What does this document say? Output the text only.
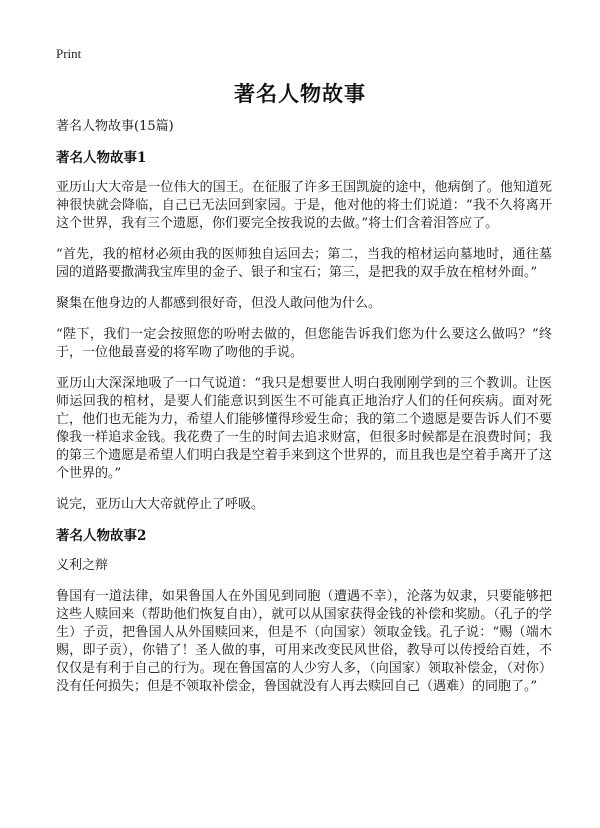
Print
著名人物故事

著名人物故事(15篇)

著名人物故事1

亚历山大大帝是一位伟大的国王。在征服了许多王国凯旋的途中，他病倒了。他知道死神很快就会降临，自己已无法回到家园。于是，他对他的将士们说道：“我不久将离开这个世界，我有三个遗愿，你们要完全按我说的去做。”将士们含着泪答应了。

“首先，我的棺材必须由我的医师独自运回去；第二，当我的棺材运向墓地时，通往墓园的道路要撒满我宝库里的金子、银子和宝石；第三，是把我的双手放在棺材外面。”

聚集在他身边的人都感到很好奇，但没人敢问他为什么。

“陛下，我们一定会按照您的吩咐去做的，但您能告诉我们您为什么要这么做吗？”终于，一位他最喜爱的将军吻了吻他的手说。

亚历山大深深地吸了一口气说道：“我只是想要世人明白我刚刚学到的三个教训。让医师运回我的棺材，是要人们能意识到医生不可能真正地治疗人们的任何疾病。面对死亡，他们也无能为力，希望人们能够懂得珍爱生命；我的第二个遗愿是要告诉人们不要像我一样追求金钱。我花费了一生的时间去追求财富，但很多时候都是在浪费时间；我的第三个遗愿是希望人们明白我是空着手来到这个世界的，而且我也是空着手离开了这个世界的。”

说完，亚历山大大帝就停止了呼吸。

著名人物故事2

义利之辩

鲁国有一道法律，如果鲁国人在外国见到同胞（遭遇不幸），沦落为奴隶，只要能够把这些人赎回来（帮助他们恢复自由），就可以从国家获得金钱的补偿和奖励。（孔子的学生）子贡，把鲁国人从外国赎回来，但是不（向国家）领取金钱。孔子说：“赐（端木赐，即子贡），你错了！圣人做的事，可用来改变民风世俗，教导可以传授给百姓，不仅仅是有利于自己的行为。现在鲁国富的人少穷人多，（向国家）领取补偿金，（对你）没有任何损失；但是不领取补偿金，鲁国就没有人再去赎回自己（遇难）的同胞了。”
